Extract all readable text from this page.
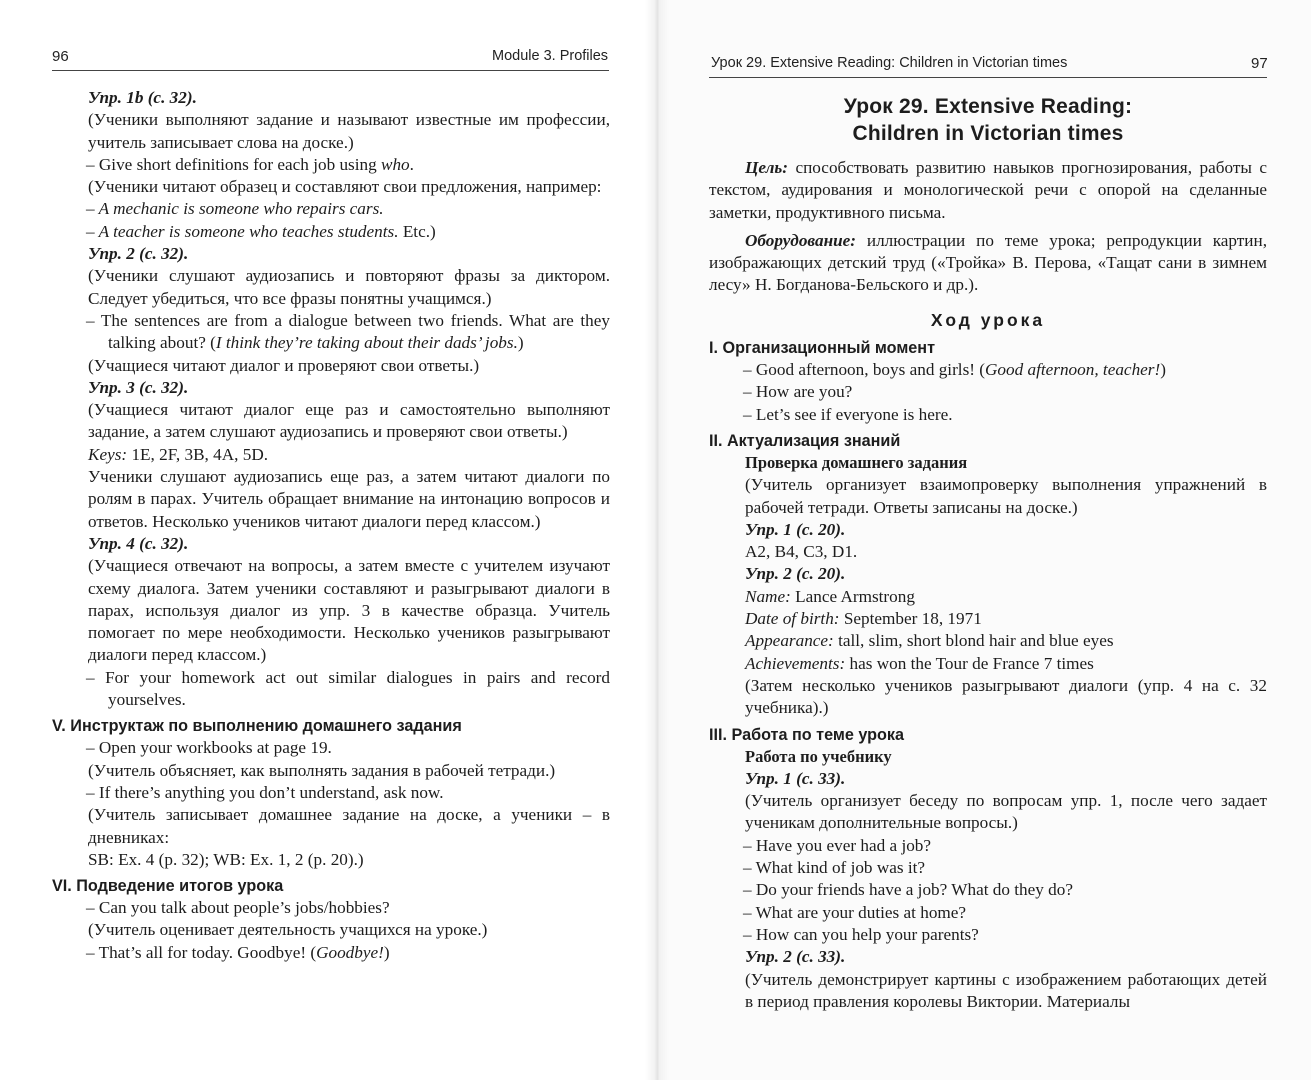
96	Module 3. Profiles

Упр. 1b (с. 32).

(Ученики выполняют задание и называют известные им профессии, учитель записывает слова на доске.)

– Give short definitions for each job using who.

(Ученики читают образец и составляют свои предложения, например:

– A mechanic is someone who repairs cars.

– A teacher is someone who teaches students. Etc.)

Упр. 2 (с. 32).

(Ученики слушают аудиозапись и повторяют фразы за диктором. Следует убедиться, что все фразы понятны учащимся.)

– The sentences are from a dialogue between two friends. What are they talking about? (I think they’re taking about their dads’ jobs.)

(Учащиеся читают диалог и проверяют свои ответы.)

Упр. 3 (с. 32).

(Учащиеся читают диалог еще раз и самостоятельно выполняют задание, а затем слушают аудиозапись и проверяют свои ответы.)

Keys: 1E, 2F, 3B, 4A, 5D.

Ученики слушают аудиозапись еще раз, а затем читают диалоги по ролям в парах. Учитель обращает внимание на интонацию вопросов и ответов. Несколько учеников читают диалоги перед классом.)

Упр. 4 (с. 32).

(Учащиеся отвечают на вопросы, а затем вместе с учителем изучают схему диалога. Затем ученики составляют и разыгрывают диалоги в парах, используя диалог из упр. 3 в качестве образца. Учитель помогает по мере необходимости. Несколько учеников разыгрывают диалоги перед классом.)

– For your homework act out similar dialogues in pairs and record yourselves.

V. Инструктаж по выполнению домашнего задания

– Open your workbooks at page 19.

(Учитель объясняет, как выполнять задания в рабочей тетради.)

– If there’s anything you don’t understand, ask now.

(Учитель записывает домашнее задание на доске, а ученики – в дневниках:

SB: Ex. 4 (p. 32); WB: Ex. 1, 2 (p. 20).)

VI. Подведение итогов урока

– Can you talk about people’s jobs/hobbies?

(Учитель оценивает деятельность учащихся на уроке.)

– That’s all for today. Goodbye! (Goodbye!)

Урок 29. Extensive Reading: Children in Victorian times	97
Урок 29. Extensive Reading:
Children in Victorian times

Цель: способствовать развитию навыков прогнозирования, работы с текстом, аудирования и монологической речи с опорой на сделанные заметки, продуктивного письма.

Оборудование: иллюстрации по теме урока; репродукции картин, изображающих детский труд («Тройка» В. Перова, «Тащат сани в зимнем лесу» Н. Богданова-Бельского и др.).

Ход урока

I. Организационный момент

– Good afternoon, boys and girls! (Good afternoon, teacher!)

– How are you?

– Let’s see if everyone is here.

II. Актуализация знаний

Проверка домашнего задания

(Учитель организует взаимопроверку выполнения упражнений в рабочей тетради. Ответы записаны на доске.)

Упр. 1 (с. 20).

A2, B4, C3, D1.

Упр. 2 (с. 20).

Name: Lance Armstrong

Date of birth: September 18, 1971

Appearance: tall, slim, short blond hair and blue eyes

Achievements: has won the Tour de France 7 times

(Затем несколько учеников разыгрывают диалоги (упр. 4 на с. 32 учебника).)

III. Работа по теме урока

Работа по учебнику

Упр. 1 (с. 33).

(Учитель организует беседу по вопросам упр. 1, после чего задает ученикам дополнительные вопросы.)

– Have you ever had a job?

– What kind of job was it?

– Do your friends have a job? What do they do?

– What are your duties at home?

– How can you help your parents?

Упр. 2 (с. 33).

(Учитель демонстрирует картины с изображением работающих детей в период правления королевы Виктории. Материалы
